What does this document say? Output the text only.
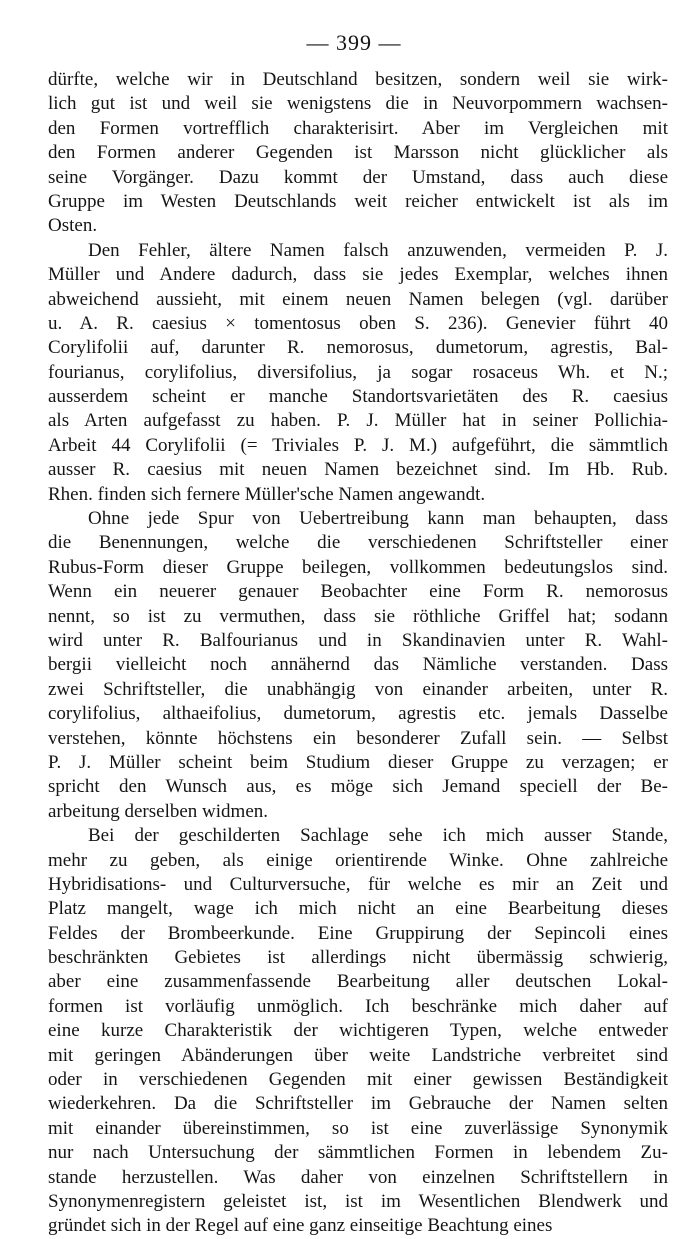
— 399 —
dürfte, welche wir in Deutschland besitzen, sondern weil sie wirk-
lich gut ist und weil sie wenigstens die in Neuvorpommern wachsen-
den Formen vortrefflich charakterisirt. Aber im Vergleichen mit
den Formen anderer Gegenden ist Marsson nicht glücklicher als
seine Vorgänger. Dazu kommt der Umstand, dass auch diese
Gruppe im Westen Deutschlands weit reicher entwickelt ist als im
Osten.
Den Fehler, ältere Namen falsch anzuwenden, vermeiden P. J.
Müller und Andere dadurch, dass sie jedes Exemplar, welches ihnen
abweichend aussieht, mit einem neuen Namen belegen (vgl. darüber
u. A. R. caesius × tomentosus oben S. 236). Genevier führt 40
Corylifolii auf, darunter R. nemorosus, dumetorum, agrestis, Bal-
fourianus, corylifolius, diversifolius, ja sogar rosaceus Wh. et N.;
ausserdem scheint er manche Standortsvarietäten des R. caesius
als Arten aufgefasst zu haben. P. J. Müller hat in seiner Pollichia-
Arbeit 44 Corylifolii (= Triviales P. J. M.) aufgeführt, die sämmtlich
ausser R. caesius mit neuen Namen bezeichnet sind. Im Hb. Rub.
Rhen. finden sich fernere Müller'sche Namen angewandt.
Ohne jede Spur von Uebertreibung kann man behaupten, dass
die Benennungen, welche die verschiedenen Schriftsteller einer
Rubus-Form dieser Gruppe beilegen, vollkommen bedeutungslos sind.
Wenn ein neuerer genauer Beobachter eine Form R. nemorosus
nennt, so ist zu vermuthen, dass sie röthliche Griffel hat; sodann
wird unter R. Balfourianus und in Skandinavien unter R. Wahl-
bergii vielleicht noch annähernd das Nämliche verstanden. Dass
zwei Schriftsteller, die unabhängig von einander arbeiten, unter R.
corylifolius, althaeifolius, dumetorum, agrestis etc. jemals Dasselbe
verstehen, könnte höchstens ein besonderer Zufall sein. — Selbst
P. J. Müller scheint beim Studium dieser Gruppe zu verzagen; er
spricht den Wunsch aus, es möge sich Jemand speciell der Be-
arbeitung derselben widmen.
Bei der geschilderten Sachlage sehe ich mich ausser Stande,
mehr zu geben, als einige orientirende Winke. Ohne zahlreiche
Hybridisations- und Culturversuche, für welche es mir an Zeit und
Platz mangelt, wage ich mich nicht an eine Bearbeitung dieses
Feldes der Brombeerkunde. Eine Gruppirung der Sepincoli eines
beschränkten Gebietes ist allerdings nicht übermässig schwierig,
aber eine zusammenfassende Bearbeitung aller deutschen Lokal-
formen ist vorläufig unmöglich. Ich beschränke mich daher auf
eine kurze Charakteristik der wichtigeren Typen, welche entweder
mit geringen Abänderungen über weite Landstriche verbreitet sind
oder in verschiedenen Gegenden mit einer gewissen Beständigkeit
wiederkehren. Da die Schriftsteller im Gebrauche der Namen selten
mit einander übereinstimmen, so ist eine zuverlässige Synonymik
nur nach Untersuchung der sämmtlichen Formen in lebendem Zu-
stande herzustellen. Was daher von einzelnen Schriftstellern in
Synonymenregistern geleistet ist, ist im Wesentlichen Blendwerk und
gründet sich in der Regel auf eine ganz einseitige Beachtung eines
